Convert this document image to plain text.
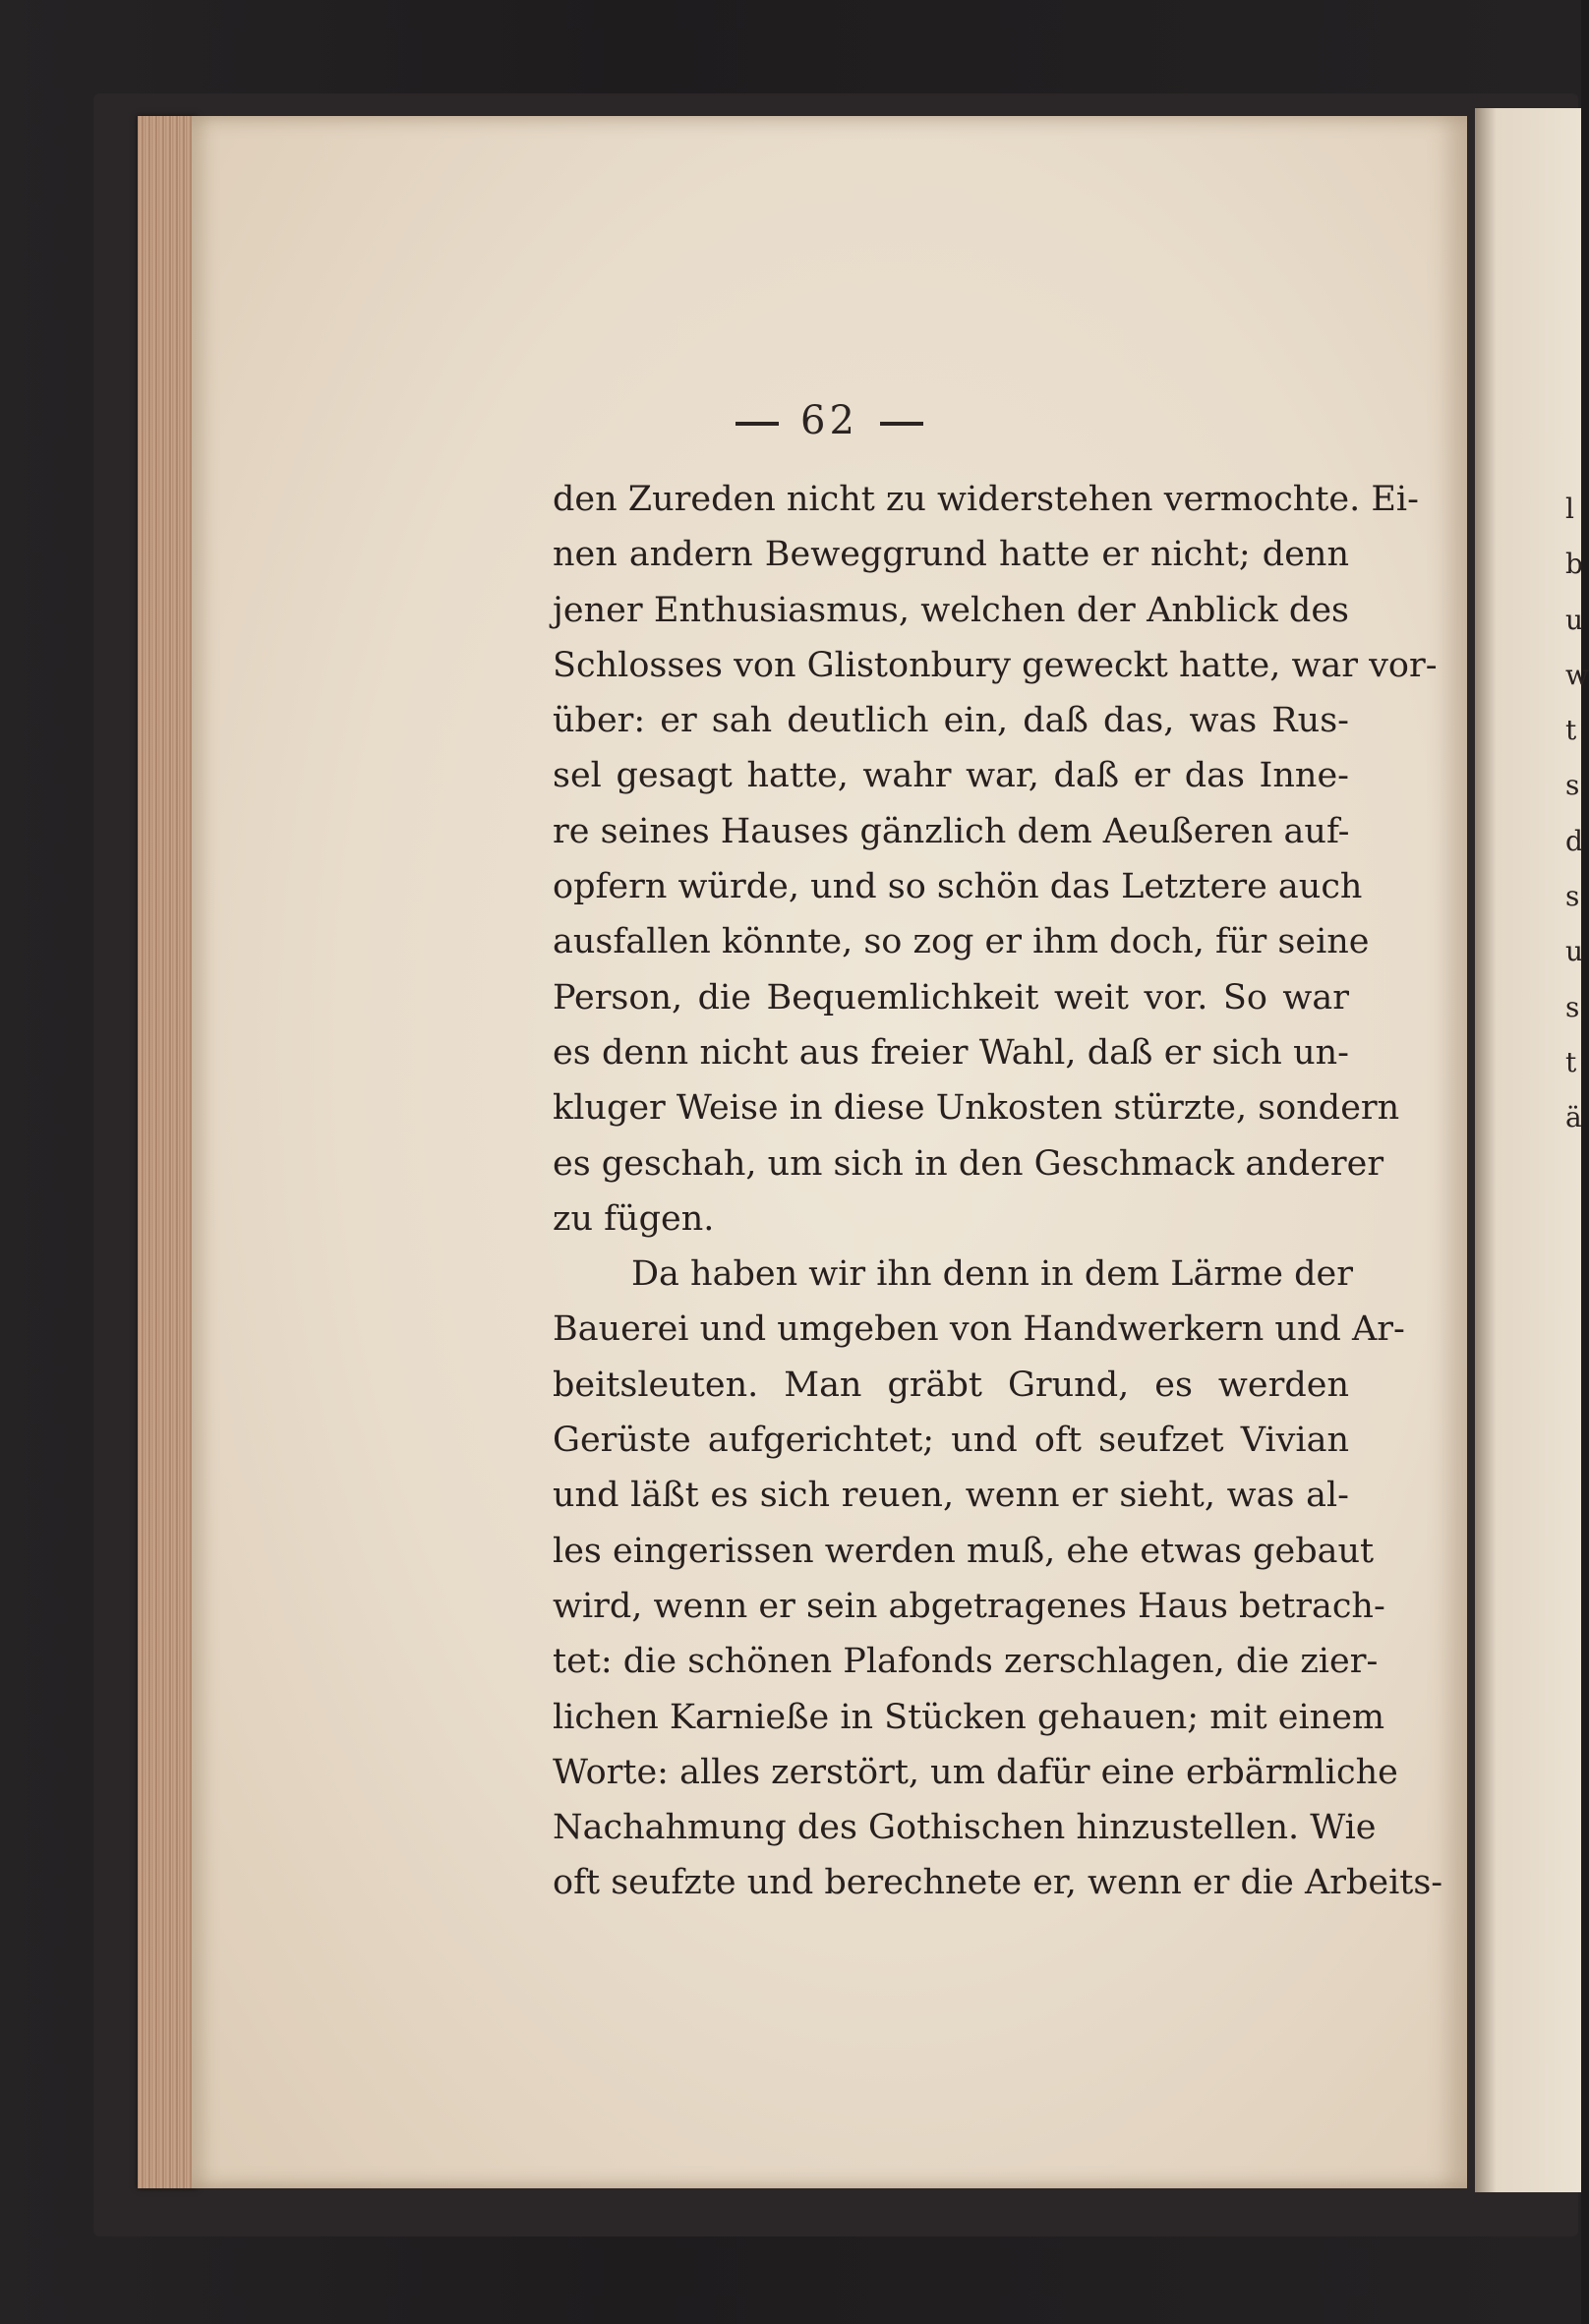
l
b
u
w
t
s
d
s
u
s
t
ä
62
den Zureden nicht zu widerstehen vermochte. Ei-
nen andern Beweggrund hatte er nicht; denn
jener Enthusiasmus, welchen der Anblick des
Schlosses von Glistonbury geweckt hatte, war vor-
über: er sah deutlich ein, daß das, was Rus-
sel gesagt hatte, wahr war, daß er das Inne-
re seines Hauses gänzlich dem Aeußeren auf-
opfern würde, und so schön das Letztere auch
ausfallen könnte, so zog er ihm doch, für seine
Person, die Bequemlichkeit weit vor. So war
es denn nicht aus freier Wahl, daß er sich un-
kluger Weise in diese Unkosten stürzte, sondern
es geschah, um sich in den Geschmack anderer
zu fügen.
Da haben wir ihn denn in dem Lärme der
Bauerei und umgeben von Handwerkern und Ar-
beitsleuten. Man gräbt Grund, es werden
Gerüste aufgerichtet; und oft seufzet Vivian
und läßt es sich reuen, wenn er sieht, was al-
les eingerissen werden muß, ehe etwas gebaut
wird, wenn er sein abgetragenes Haus betrach-
tet: die schönen Plafonds zerschlagen, die zier-
lichen Karnieße in Stücken gehauen; mit einem
Worte: alles zerstört, um dafür eine erbärmliche
Nachahmung des Gothischen hinzustellen. Wie
oft seufzte und berechnete er, wenn er die Arbeits-
